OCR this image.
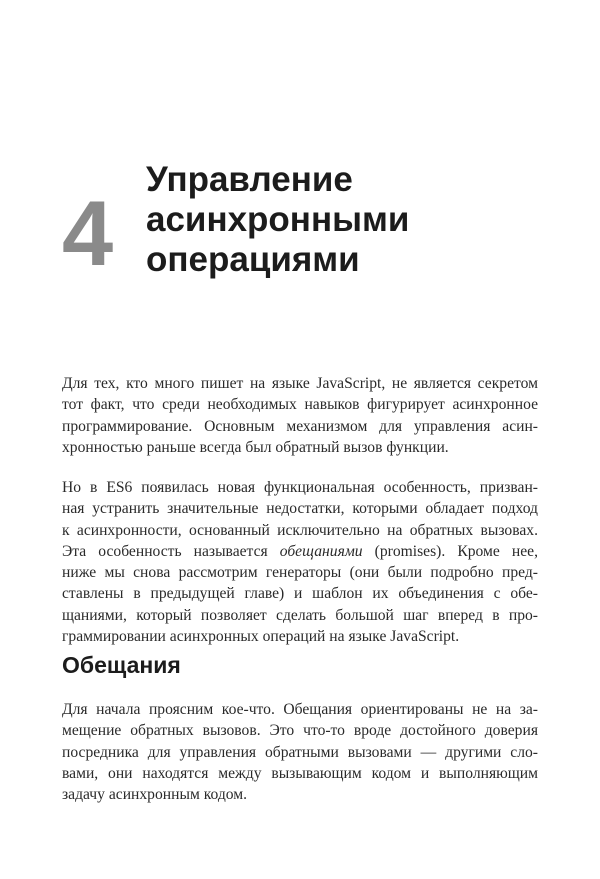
4
Управление
асинхронными
операциями
Для тех, кто много пишет на языке JavaScript, не является секретом
тот факт, что среди необходимых навыков фигурирует асинхронное
программирование. Основным механизмом для управления асин-
хронностью раньше всегда был обратный вызов функции.
Но в ES6 появилась новая функциональная особенность, призван-
ная устранить значительные недостатки, которыми обладает подход
к асинхронности, основанный исключительно на обратных вызовах.
Эта особенность называется обещаниями (promises). Кроме нее,
ниже мы снова рассмотрим генераторы (они были подробно пред-
ставлены в предыдущей главе) и шаблон их объединения с обе-
щаниями, который позволяет сделать большой шаг вперед в про-
граммировании асинхронных операций на языке JavaScript.
Обещания
Для начала проясним кое-что. Обещания ориентированы не на за-
мещение обратных вызовов. Это что-то вроде достойного доверия
посредника для управления обратными вызовами — другими сло-
вами, они находятся между вызывающим кодом и выполняющим
задачу асинхронным кодом.
